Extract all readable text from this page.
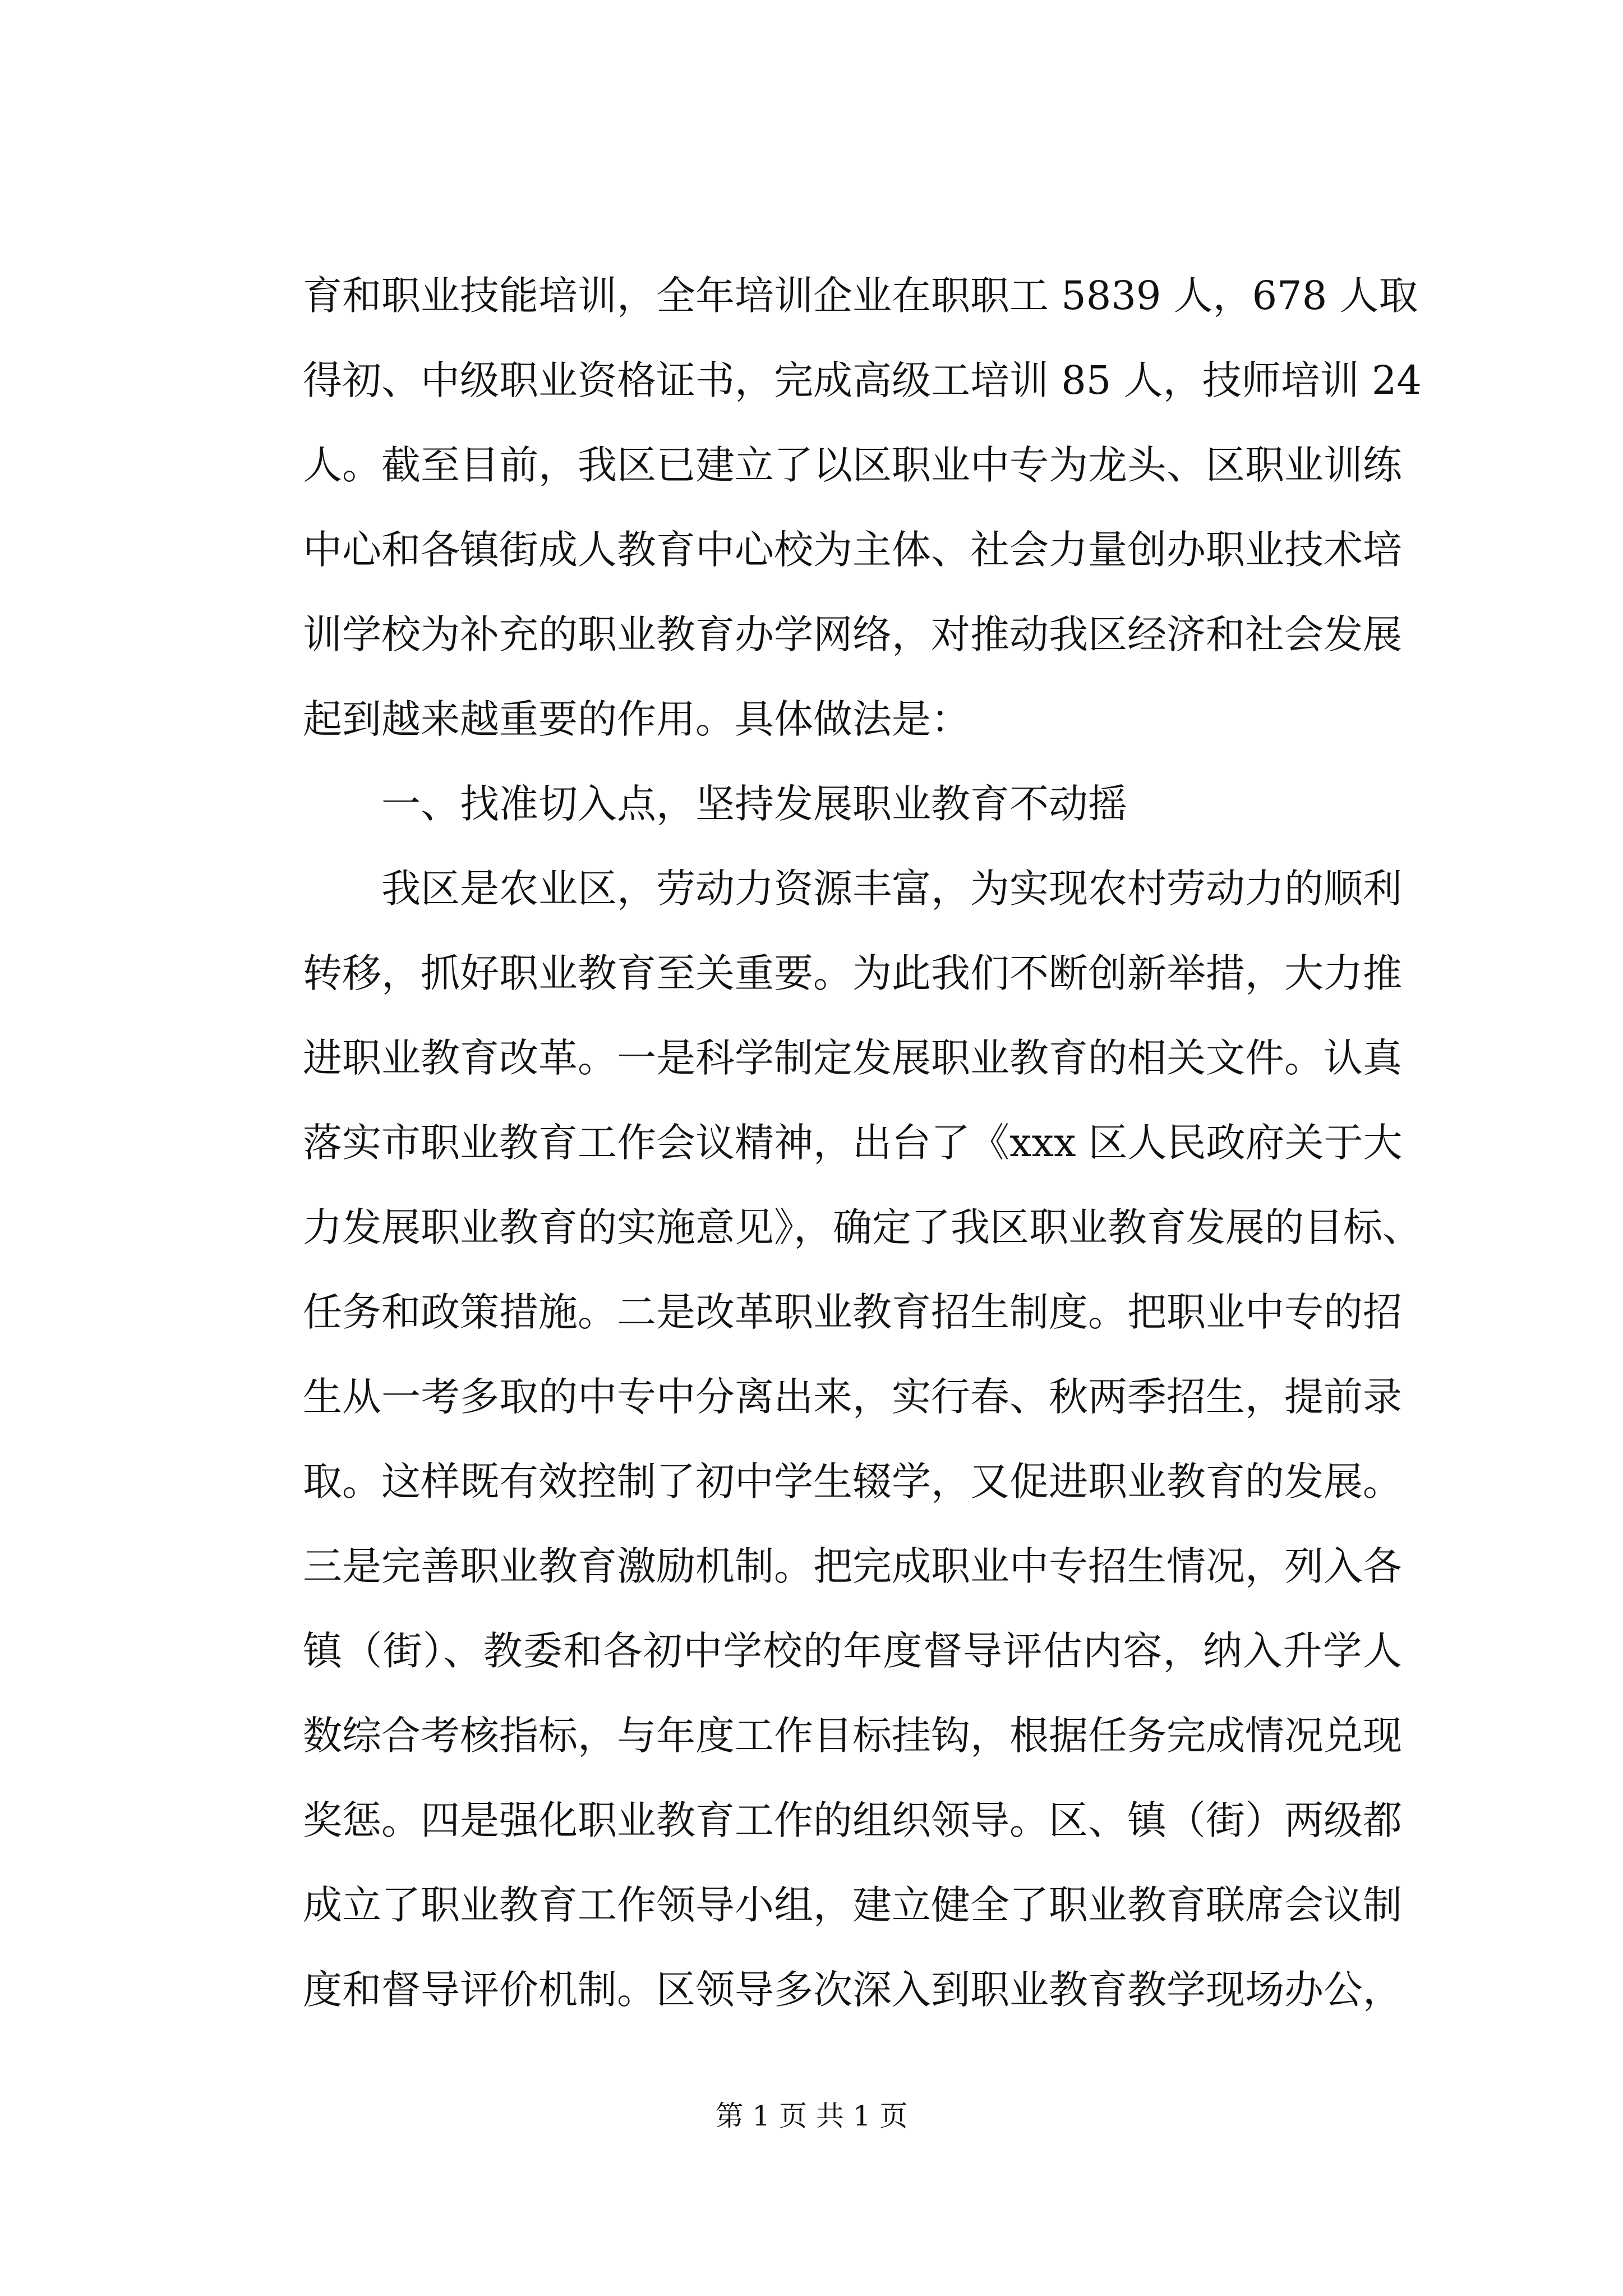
育和职业技能培训，全年培训企业在职职工 5839 人，678 人取
得初、中级职业资格证书，完成高级工培训 85 人，技师培训 24
人。截至目前，我区已建立了以区职业中专为龙头、区职业训练
中心和各镇街成人教育中心校为主体、社会力量创办职业技术培
训学校为补充的职业教育办学网络，对推动我区经济和社会发展
起到越来越重要的作用。具体做法是：
一、找准切入点，坚持发展职业教育不动摇
我区是农业区，劳动力资源丰富，为实现农村劳动力的顺利
转移，抓好职业教育至关重要。为此我们不断创新举措，大力推
进职业教育改革。一是科学制定发展职业教育的相关文件。认真
落实市职业教育工作会议精神，出台了《xxx 区人民政府关于大
力发展职业教育的实施意见》，确定了我区职业教育发展的目标、
任务和政策措施。二是改革职业教育招生制度。把职业中专的招
生从一考多取的中专中分离出来，实行春、秋两季招生，提前录
取。这样既有效控制了初中学生辍学，又促进职业教育的发展。
三是完善职业教育激励机制。把完成职业中专招生情况，列入各
镇（街）、教委和各初中学校的年度督导评估内容，纳入升学人
数综合考核指标，与年度工作目标挂钩，根据任务完成情况兑现
奖惩。四是强化职业教育工作的组织领导。区、镇（街）两级都
成立了职业教育工作领导小组，建立健全了职业教育联席会议制
度和督导评价机制。区领导多次深入到职业教育教学现场办公，
第 1 页 共 1 页
